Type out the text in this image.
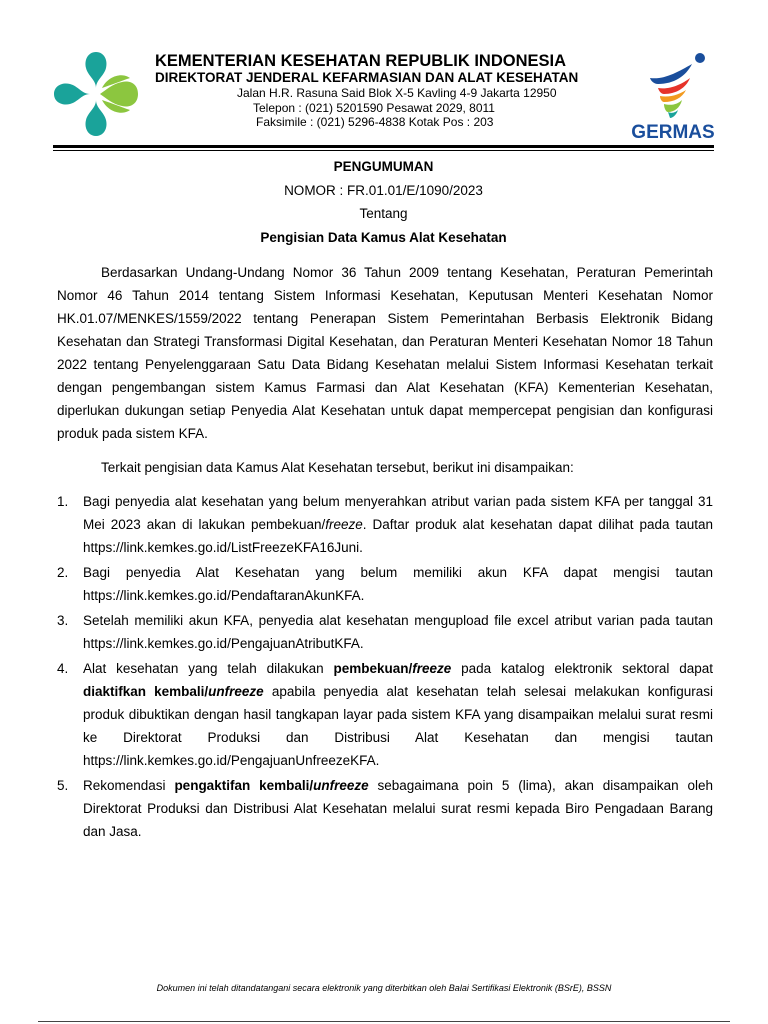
KEMENTERIAN KESEHATAN REPUBLIK INDONESIA
DIREKTORAT JENDERAL KEFARMASIAN DAN ALAT KESEHATAN
Jalan H.R. Rasuna Said Blok X-5 Kavling 4-9 Jakarta 12950
Telepon : (021) 5201590 Pesawat 2029, 8011
Faksimile : (021) 5296-4838 Kotak Pos : 203	GERMAS
PENGUMUMAN
NOMOR : FR.01.01/E/1090/2023
Tentang
Pengisian Data Kamus Alat Kesehatan

Berdasarkan Undang-Undang Nomor 36 Tahun 2009 tentang Kesehatan, Peraturan Pemerintah Nomor 46 Tahun 2014 tentang Sistem Informasi Kesehatan, Keputusan Menteri Kesehatan Nomor HK.01.07/MENKES/1559/2022 tentang Penerapan Sistem Pemerintahan Berbasis Elektronik Bidang Kesehatan dan Strategi Transformasi Digital Kesehatan, dan Peraturan Menteri Kesehatan Nomor 18 Tahun 2022 tentang Penyelenggaraan Satu Data Bidang Kesehatan melalui Sistem Informasi Kesehatan terkait dengan pengembangan sistem Kamus Farmasi dan Alat Kesehatan (KFA) Kementerian Kesehatan, diperlukan dukungan setiap Penyedia Alat Kesehatan untuk dapat mempercepat pengisian dan konfigurasi produk pada sistem KFA.

Terkait pengisian data Kamus Alat Kesehatan tersebut, berikut ini disampaikan:

1.	Bagi penyedia alat kesehatan yang belum menyerahkan atribut varian pada sistem KFA per tanggal 31 Mei 2023 akan di lakukan pembekuan/freeze. Daftar produk alat kesehatan dapat dilihat pada tautan https://link.kemkes.go.id/ListFreezeKFA16Juni.
2.	Bagi penyedia Alat Kesehatan yang belum memiliki akun KFA dapat mengisi tautan https://link.kemkes.go.id/PendaftaranAkunKFA.
3.	Setelah memiliki akun KFA, penyedia alat kesehatan mengupload file excel atribut varian pada tautan https://link.kemkes.go.id/PengajuanAtributKFA.
4.	Alat kesehatan yang telah dilakukan pembekuan/freeze pada katalog elektronik sektoral dapat diaktifkan kembali/unfreeze apabila penyedia alat kesehatan telah selesai melakukan konfigurasi produk dibuktikan dengan hasil tangkapan layar pada sistem KFA yang disampaikan melalui surat resmi ke Direktorat Produksi dan Distribusi Alat Kesehatan dan mengisi tautan https://link.kemkes.go.id/PengajuanUnfreezeKFA.
5.	Rekomendasi pengaktifan kembali/unfreeze sebagaimana poin 5 (lima), akan disampaikan oleh Direktorat Produksi dan Distribusi Alat Kesehatan melalui surat resmi kepada Biro Pengadaan Barang dan Jasa.
Dokumen ini telah ditandatangani secara elektronik yang diterbitkan oleh Balai Sertifikasi Elektronik (BSrE), BSSN
